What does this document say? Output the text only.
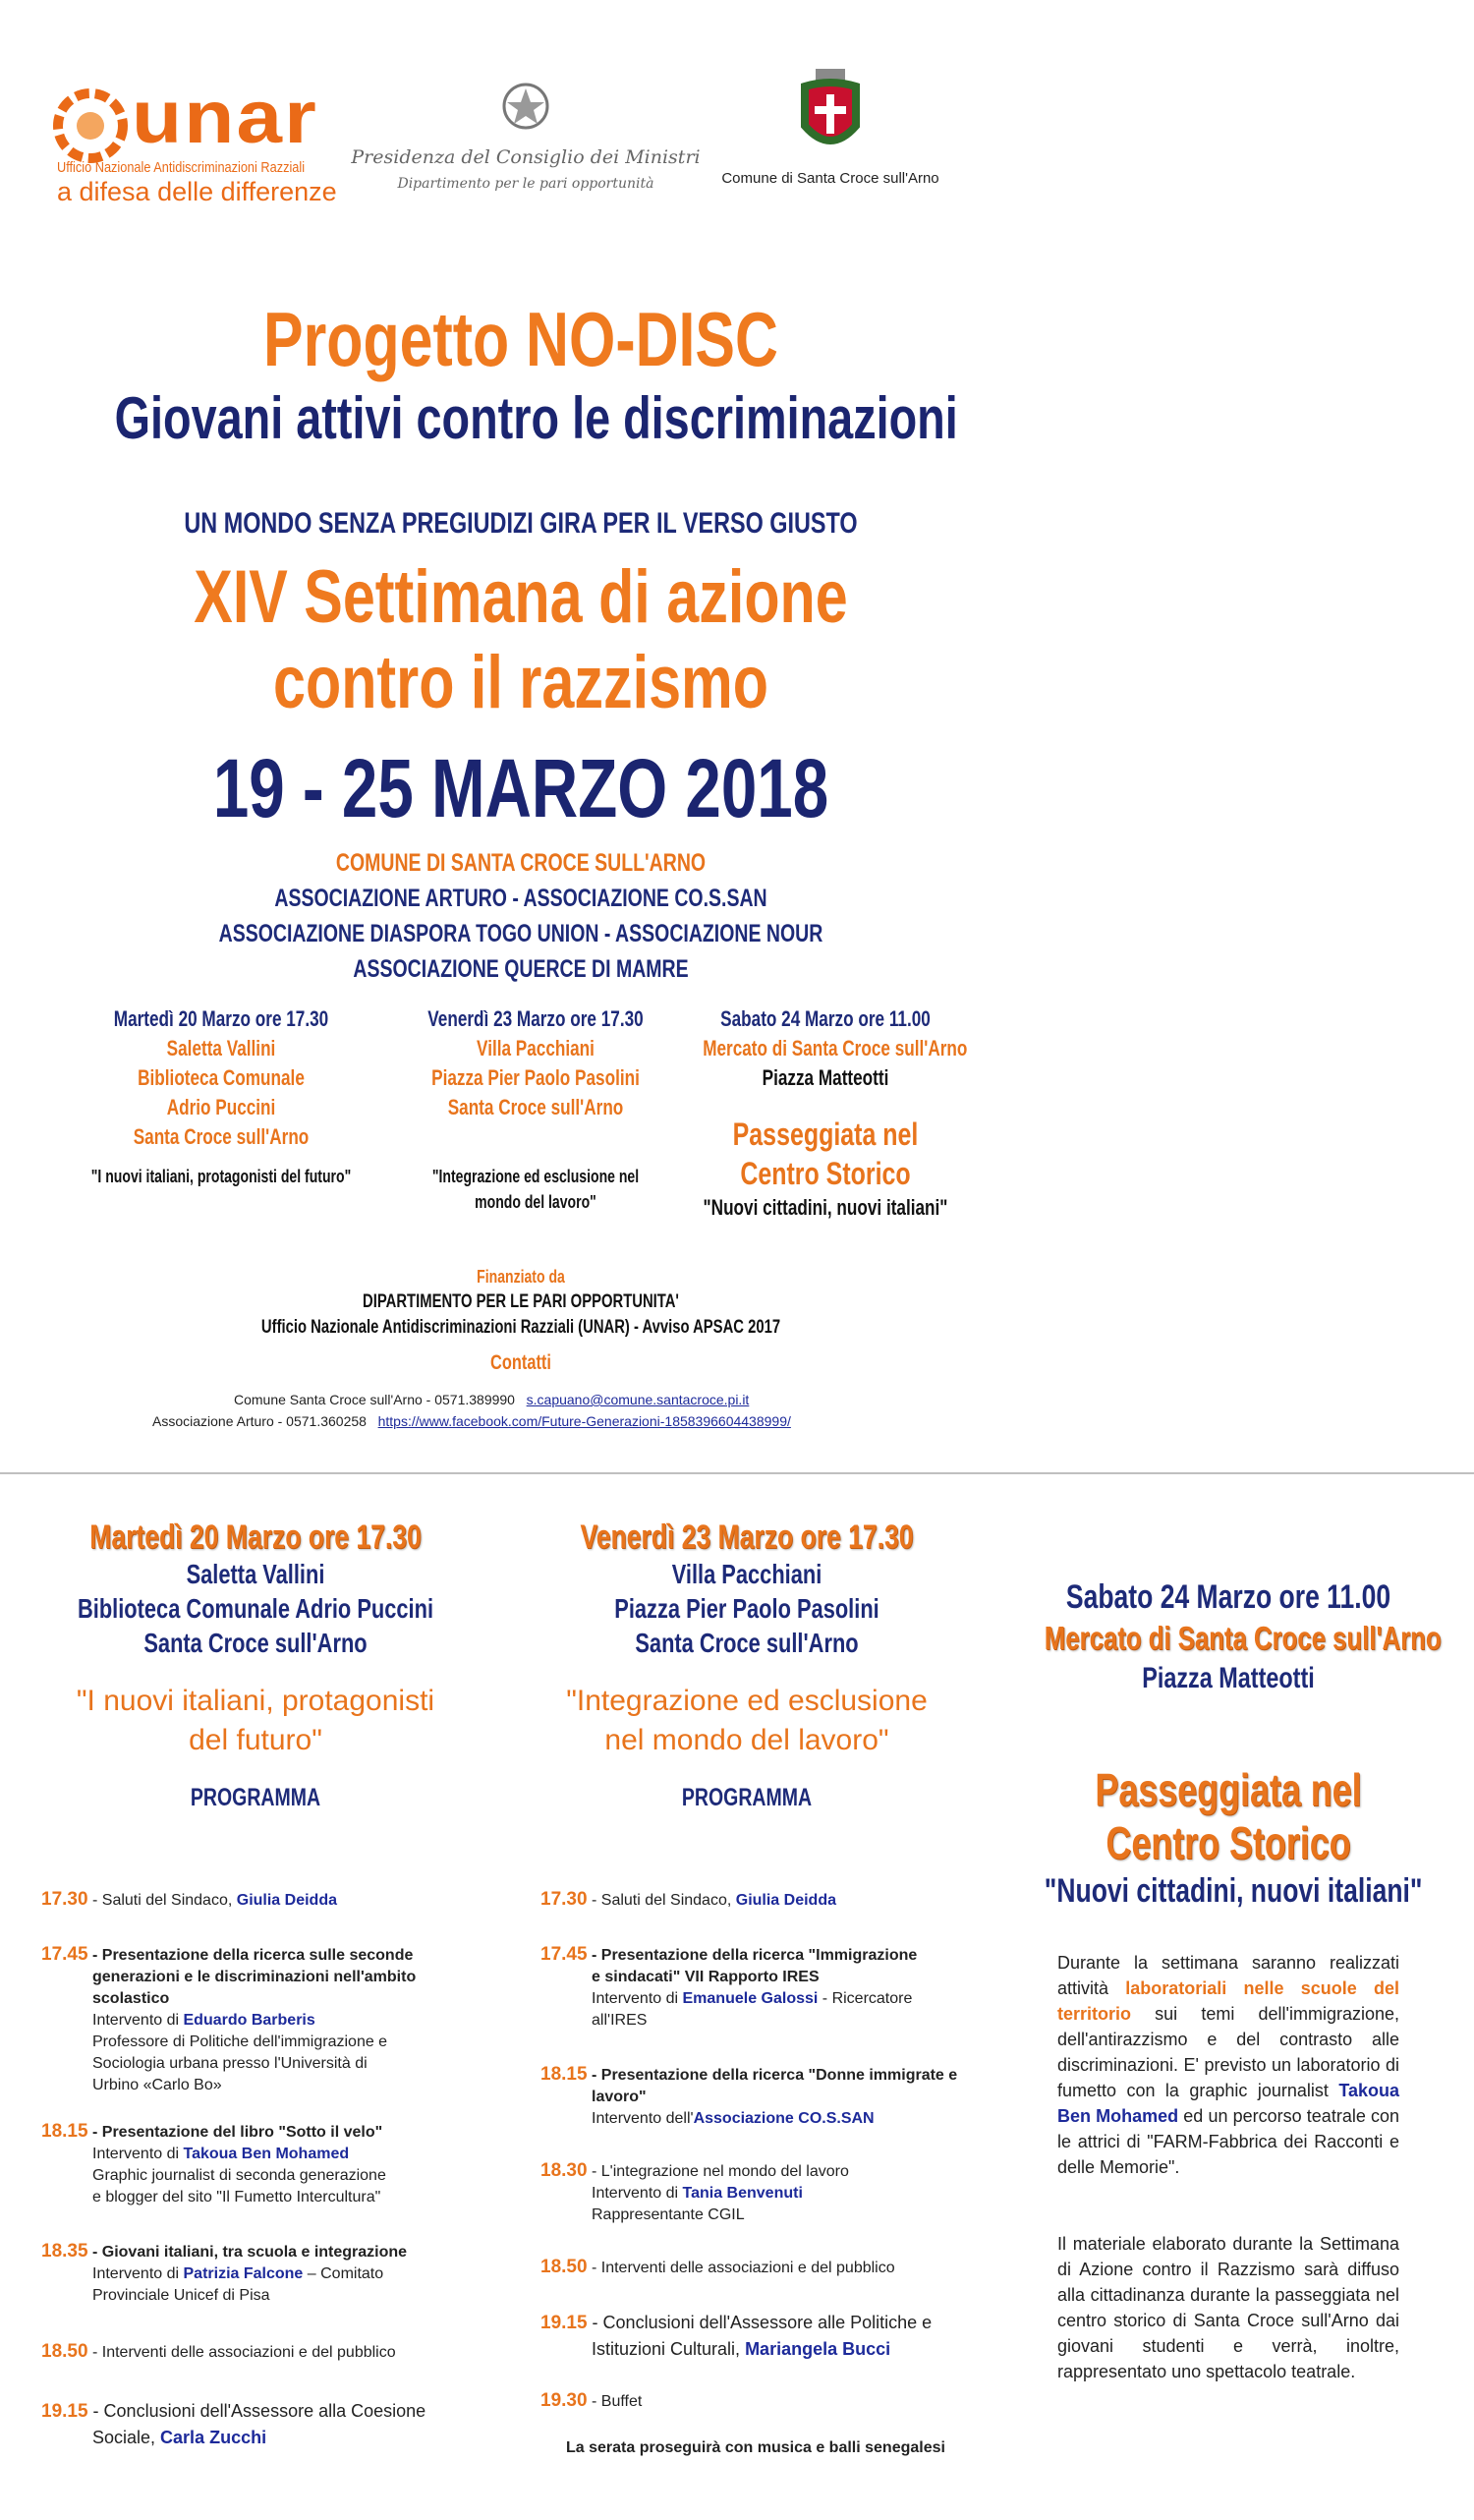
unar
Ufficio Nazionale Antidiscriminazioni Razziali
a difesa delle differenze
Presidenza del Consiglio dei Ministri
Dipartimento per le pari opportunità	Comune di Santa Croce sull'Arno
Progetto NO-DISC
Giovani attivi contro le discriminazioni
UN MONDO SENZA PREGIUDIZI GIRA PER IL VERSO GIUSTO
XIV Settimana di azione
contro il razzismo
19 - 25 MARZO 2018
COMUNE DI SANTA CROCE SULL'ARNO
ASSOCIAZIONE ARTURO - ASSOCIAZIONE CO.S.SAN
ASSOCIAZIONE DIASPORA TOGO UNION - ASSOCIAZIONE NOUR
ASSOCIAZIONE QUERCE DI MAMRE
Martedì 20 Marzo ore 17.30
Saletta Vallini
Biblioteca Comunale
Adrio Puccini
Santa Croce sull'Arno
"I nuovi italiani, protagonisti del futuro"
Venerdì 23 Marzo ore 17.30
Villa Pacchiani
Piazza Pier Paolo Pasolini
Santa Croce sull'Arno
"Integrazione ed esclusione nel mondo del lavoro"
Sabato 24 Marzo ore 11.00
Mercato di Santa Croce sull'Arno
Piazza Matteotti
Passeggiata nel
Centro Storico
"Nuovi cittadini, nuovi italiani"
Finanziato da
DIPARTIMENTO PER LE PARI OPPORTUNITA'
Ufficio Nazionale Antidiscriminazioni Razziali (UNAR) - Avviso APSAC 2017
Contatti
Comune Santa Croce sull'Arno - 0571.389990 s.capuano@comune.santacroce.pi.it
Associazione Arturo - 0571.360258 https://www.facebook.com/Future-Generazioni-1858396604438999/
Martedì 20 Marzo ore 17.30
Saletta Vallini
Biblioteca Comunale Adrio Puccini
Santa Croce sull'Arno
"I nuovi italiani, protagonisti
del futuro"
PROGRAMMA
17.30 - Saluti del Sindaco, Giulia Deidda
17.45 - Presentazione della ricerca sulle seconde
generazioni e le discriminazioni nell'ambito
scolastico
Intervento di Eduardo Barberis
Professore di Politiche dell'immigrazione e
Sociologia urbana presso l'Università di
Urbino «Carlo Bo»
18.15 - Presentazione del libro "Sotto il velo"
Intervento di Takoua Ben Mohamed
Graphic journalist di seconda generazione
e blogger del sito "Il Fumetto Intercultura"
18.35 - Giovani italiani, tra scuola e integrazione
Intervento di Patrizia Falcone – Comitato
Provinciale Unicef di Pisa
18.50 - Interventi delle associazioni e del pubblico
19.15 - Conclusioni dell'Assessore alla Coesione
Sociale, Carla Zucchi
Venerdì 23 Marzo ore 17.30
Villa Pacchiani
Piazza Pier Paolo Pasolini
Santa Croce sull'Arno
"Integrazione ed esclusione
nel mondo del lavoro"
PROGRAMMA
17.30 - Saluti del Sindaco, Giulia Deidda
17.45 - Presentazione della ricerca "Immigrazione
e sindacati" VII Rapporto IRES
Intervento di Emanuele Galossi - Ricercatore
all'IRES
18.15 - Presentazione della ricerca "Donne immigrate e
lavoro"
Intervento dell'Associazione CO.S.SAN
18.30 - L'integrazione nel mondo del lavoro
Intervento di Tania Benvenuti
Rappresentante CGIL
18.50 - Interventi delle associazioni e del pubblico
19.15 - Conclusioni dell'Assessore alle Politiche e
Istituzioni Culturali, Mariangela Bucci
19.30 - Buffet
La serata proseguirà con musica e balli senegalesi
Sabato 24 Marzo ore 11.00
Mercato di Santa Croce sull'Arno
Piazza Matteotti
Passeggiata nel
Centro Storico
"Nuovi cittadini, nuovi italiani"
Durante la settimana saranno realizzati attività laboratoriali nelle scuole del territorio sui temi dell'immigrazione, dell'antirazzismo e del contrasto alle discriminazioni. E' previsto un laboratorio di fumetto con la graphic journalist Takoua Ben Mohamed ed un percorso teatrale con le attrici di "FARM-Fabbrica dei Racconti e delle Memorie".
Il materiale elaborato durante la Settimana di Azione contro il Razzismo sarà diffuso alla cittadinanza durante la passeggiata nel centro storico di Santa Croce sull'Arno dai giovani studenti e verrà, inoltre, rappresentato uno spettacolo teatrale.
